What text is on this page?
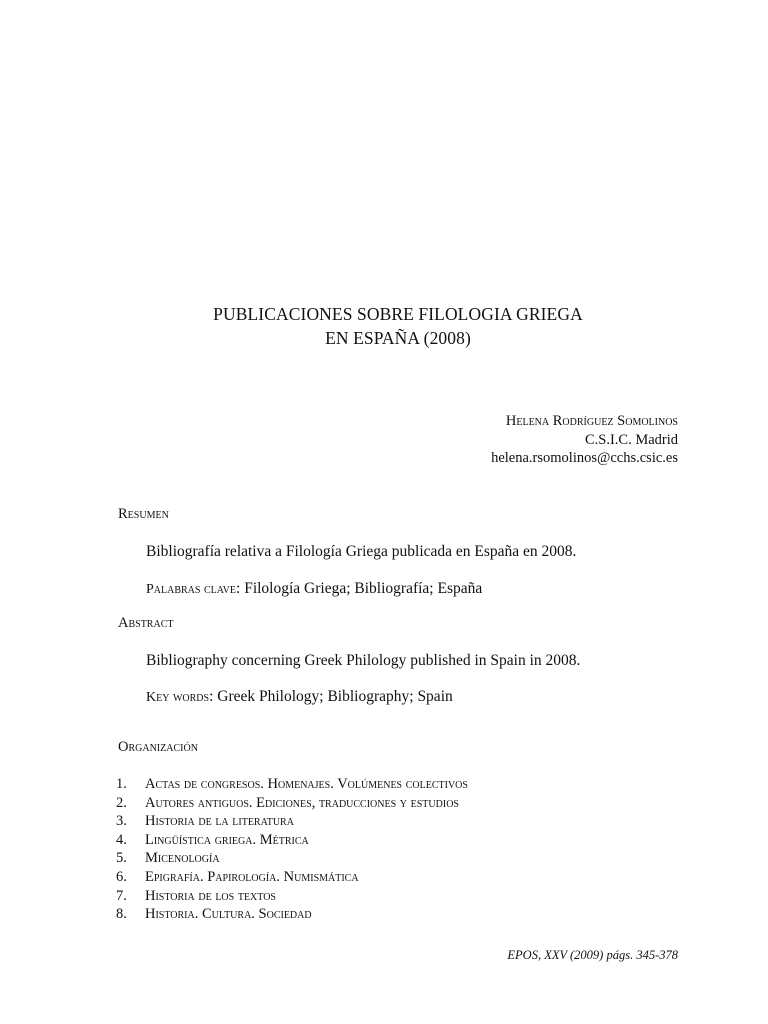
PUBLICACIONES SOBRE FILOLOGIA GRIEGA
EN ESPAÑA (2008)
Helena Rodríguez Somolinos
C.S.I.C. Madrid
helena.rsomolinos@cchs.csic.es
Resumen
Bibliografía relativa a Filología Griega publicada en España en 2008.
Palabras clave: Filología Griega; Bibliografía; España
Abstract
Bibliography concerning Greek Philology published in Spain in 2008.
Key words: Greek Philology; Bibliography; Spain
Organización
1.	Actas de congresos. Homenajes. Volúmenes colectivos
2.	Autores antiguos. Ediciones, traducciones y estudios
3.	Historia de la literatura
4.	Lingüística griega. Métrica
5.	Micenología
6.	Epigrafía. Papirología. Numismática
7.	Historia de los textos
8.	Historia. Cultura. Sociedad
EPOS, XXV (2009) págs. 345-378
